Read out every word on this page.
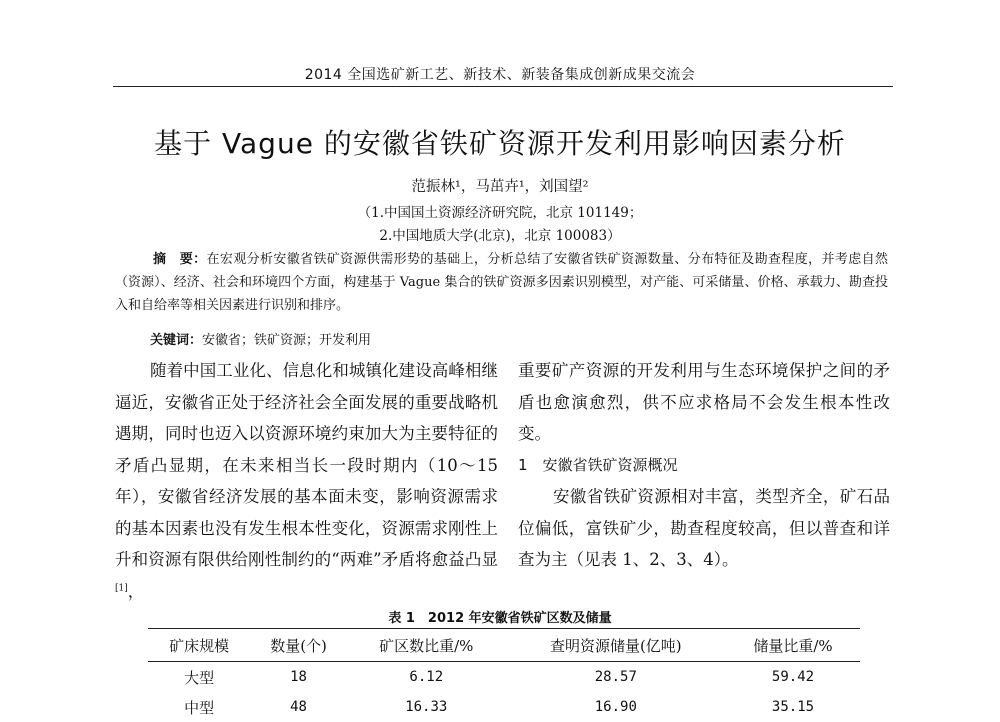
2014 全国选矿新工艺、新技术、新装备集成创新成果交流会
基于 Vague 的安徽省铁矿资源开发利用影响因素分析
范振林¹，马茁卉¹，刘国望²
（1.中国国土资源经济研究院，北京 101149；
2.中国地质大学(北京)，北京 100083）
摘　要：在宏观分析安徽省铁矿资源供需形势的基础上，分析总结了安徽省铁矿资源数量、分布特征及勘查程度，并考虑自然（资源）、经济、社会和环境四个方面，构建基于 Vague 集合的铁矿资源多因素识别模型，对产能、可采储量、价格、承载力、勘查投入和自给率等相关因素进行识别和排序。
关键词：安徽省；铁矿资源；开发利用
随着中国工业化、信息化和城镇化建设高峰相继逼近，安徽省正处于经济社会全面发展的重要战略机遇期，同时也迈入以资源环境约束加大为主要特征的矛盾凸显期，在未来相当长一段时期内（10～15 年），安徽省经济发展的基本面未变，影响资源需求的基本因素也没有发生根本性变化，资源需求刚性上升和资源有限供给刚性制约的“两难”矛盾将愈益凸显[1]，

重要矿产资源的开发利用与生态环境保护之间的矛盾也愈演愈烈，供不应求格局不会发生根本性改变。

1　安徽省铁矿资源概况

安徽省铁矿资源相对丰富，类型齐全，矿石品位偏低，富铁矿少，勘查程度较高，但以普查和详查为主（见表 1、2、3、4）。

表 1　2012 年安徽省铁矿区数及储量
矿床规模	数量(个)	矿区数比重/%	查明资源储量(亿吨)	储量比重/%
大型	18	6.12	28.57	59.42
中型	48	16.33	16.90	35.15
